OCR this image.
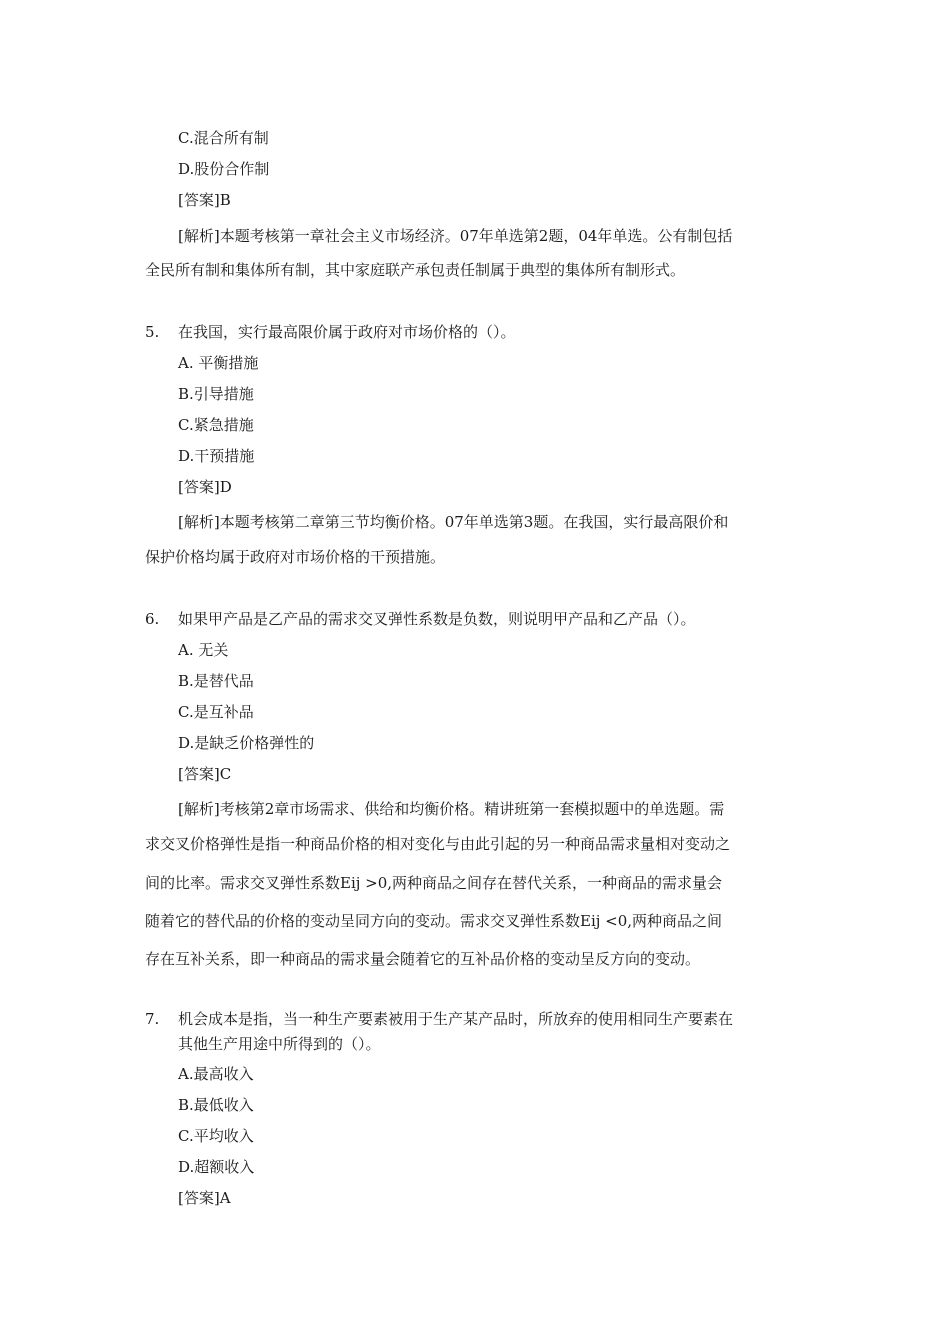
C.混合所有制
D.股份合作制
[答案]B
[解析]本题考核第一章社会主义市场经济。07年单选第2题，04年单选。公有制包括
全民所有制和集体所有制，其中家庭联产承包责任制属于典型的集体所有制形式。
5. 在我国，实行最高限价属于政府对市场价格的（）。
A. 平衡措施
B.引导措施
C.紧急措施
D.干预措施
[答案]D
[解析]本题考核第二章第三节均衡价格。07年单选第3题。在我国，实行最高限价和
保护价格均属于政府对市场价格的干预措施。
6. 如果甲产品是乙产品的需求交叉弹性系数是负数，则说明甲产品和乙产品（）。
A. 无关
B.是替代品
C.是互补品
D.是缺乏价格弹性的
[答案]C
[解析]考核第2章市场需求、供给和均衡价格。精讲班第一套模拟题中的单选题。需
求交叉价格弹性是指一种商品价格的相对变化与由此引起的另一种商品需求量相对变动之
间的比率。需求交叉弹性系数Eij >0,两种商品之间存在替代关系，一种商品的需求量会
随着它的替代品的价格的变动呈同方向的变动。需求交叉弹性系数Eij <0,两种商品之间
存在互补关系，即一种商品的需求量会随着它的互补品价格的变动呈反方向的变动。
7. 机会成本是指，当一种生产要素被用于生产某产品时，所放弃的使用相同生产要素在
其他生产用途中所得到的（）。
A.最高收入
B.最低收入
C.平均收入
D.超额收入
[答案]A
